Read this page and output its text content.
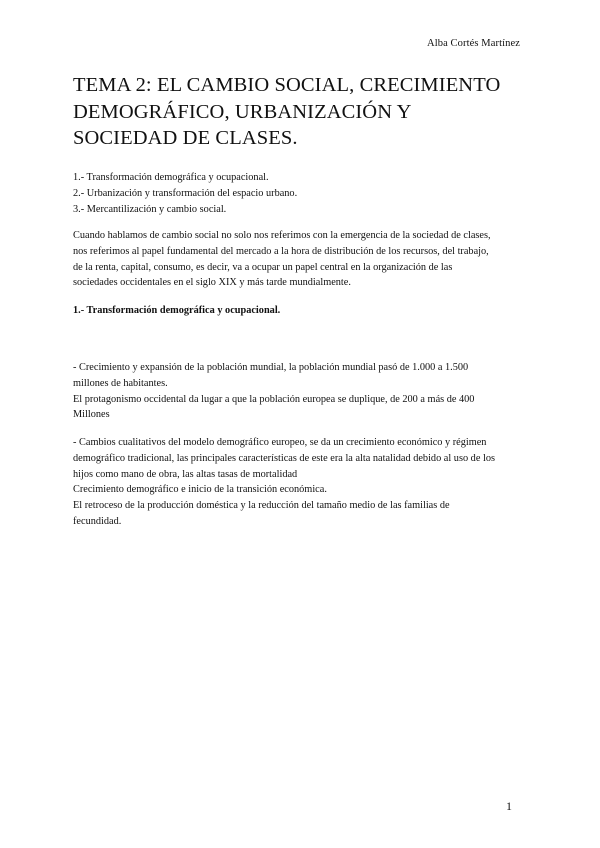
Alba Cortés Martínez
TEMA 2: EL CAMBIO SOCIAL, CRECIMIENTO
DEMOGRÁFICO, URBANIZACIÓN Y
SOCIEDAD DE CLASES.
1.- Transformación demográfica y ocupacional.
2.- Urbanización y transformación del espacio urbano.
3.- Mercantilización y cambio social.
Cuando hablamos de cambio social no solo nos referimos con la emergencia de la sociedad de clases,
nos referimos al papel fundamental del mercado a la hora de distribución de los recursos, del trabajo,
de la renta, capital, consumo, es decir, va a ocupar un papel central en la organización de las
sociedades occidentales en el siglo XIX y más tarde mundialmente.
1.- Transformación demográfica y ocupacional.
- Crecimiento y expansión de la población mundial, la población mundial pasó de 1.000 a 1.500
millones de habitantes.
El protagonismo occidental da lugar a que la población europea se duplique, de 200 a más de 400
Millones
- Cambios cualitativos del modelo demográfico europeo, se da un crecimiento económico y régimen
demográfico tradicional, las principales características de este era la alta natalidad debido al uso de los
hijos como mano de obra, las altas tasas de mortalidad
Crecimiento demográfico e inicio de la transición económica.
El retroceso de la producción doméstica y la reducción del tamaño medio de las familias de
fecundidad.
1
